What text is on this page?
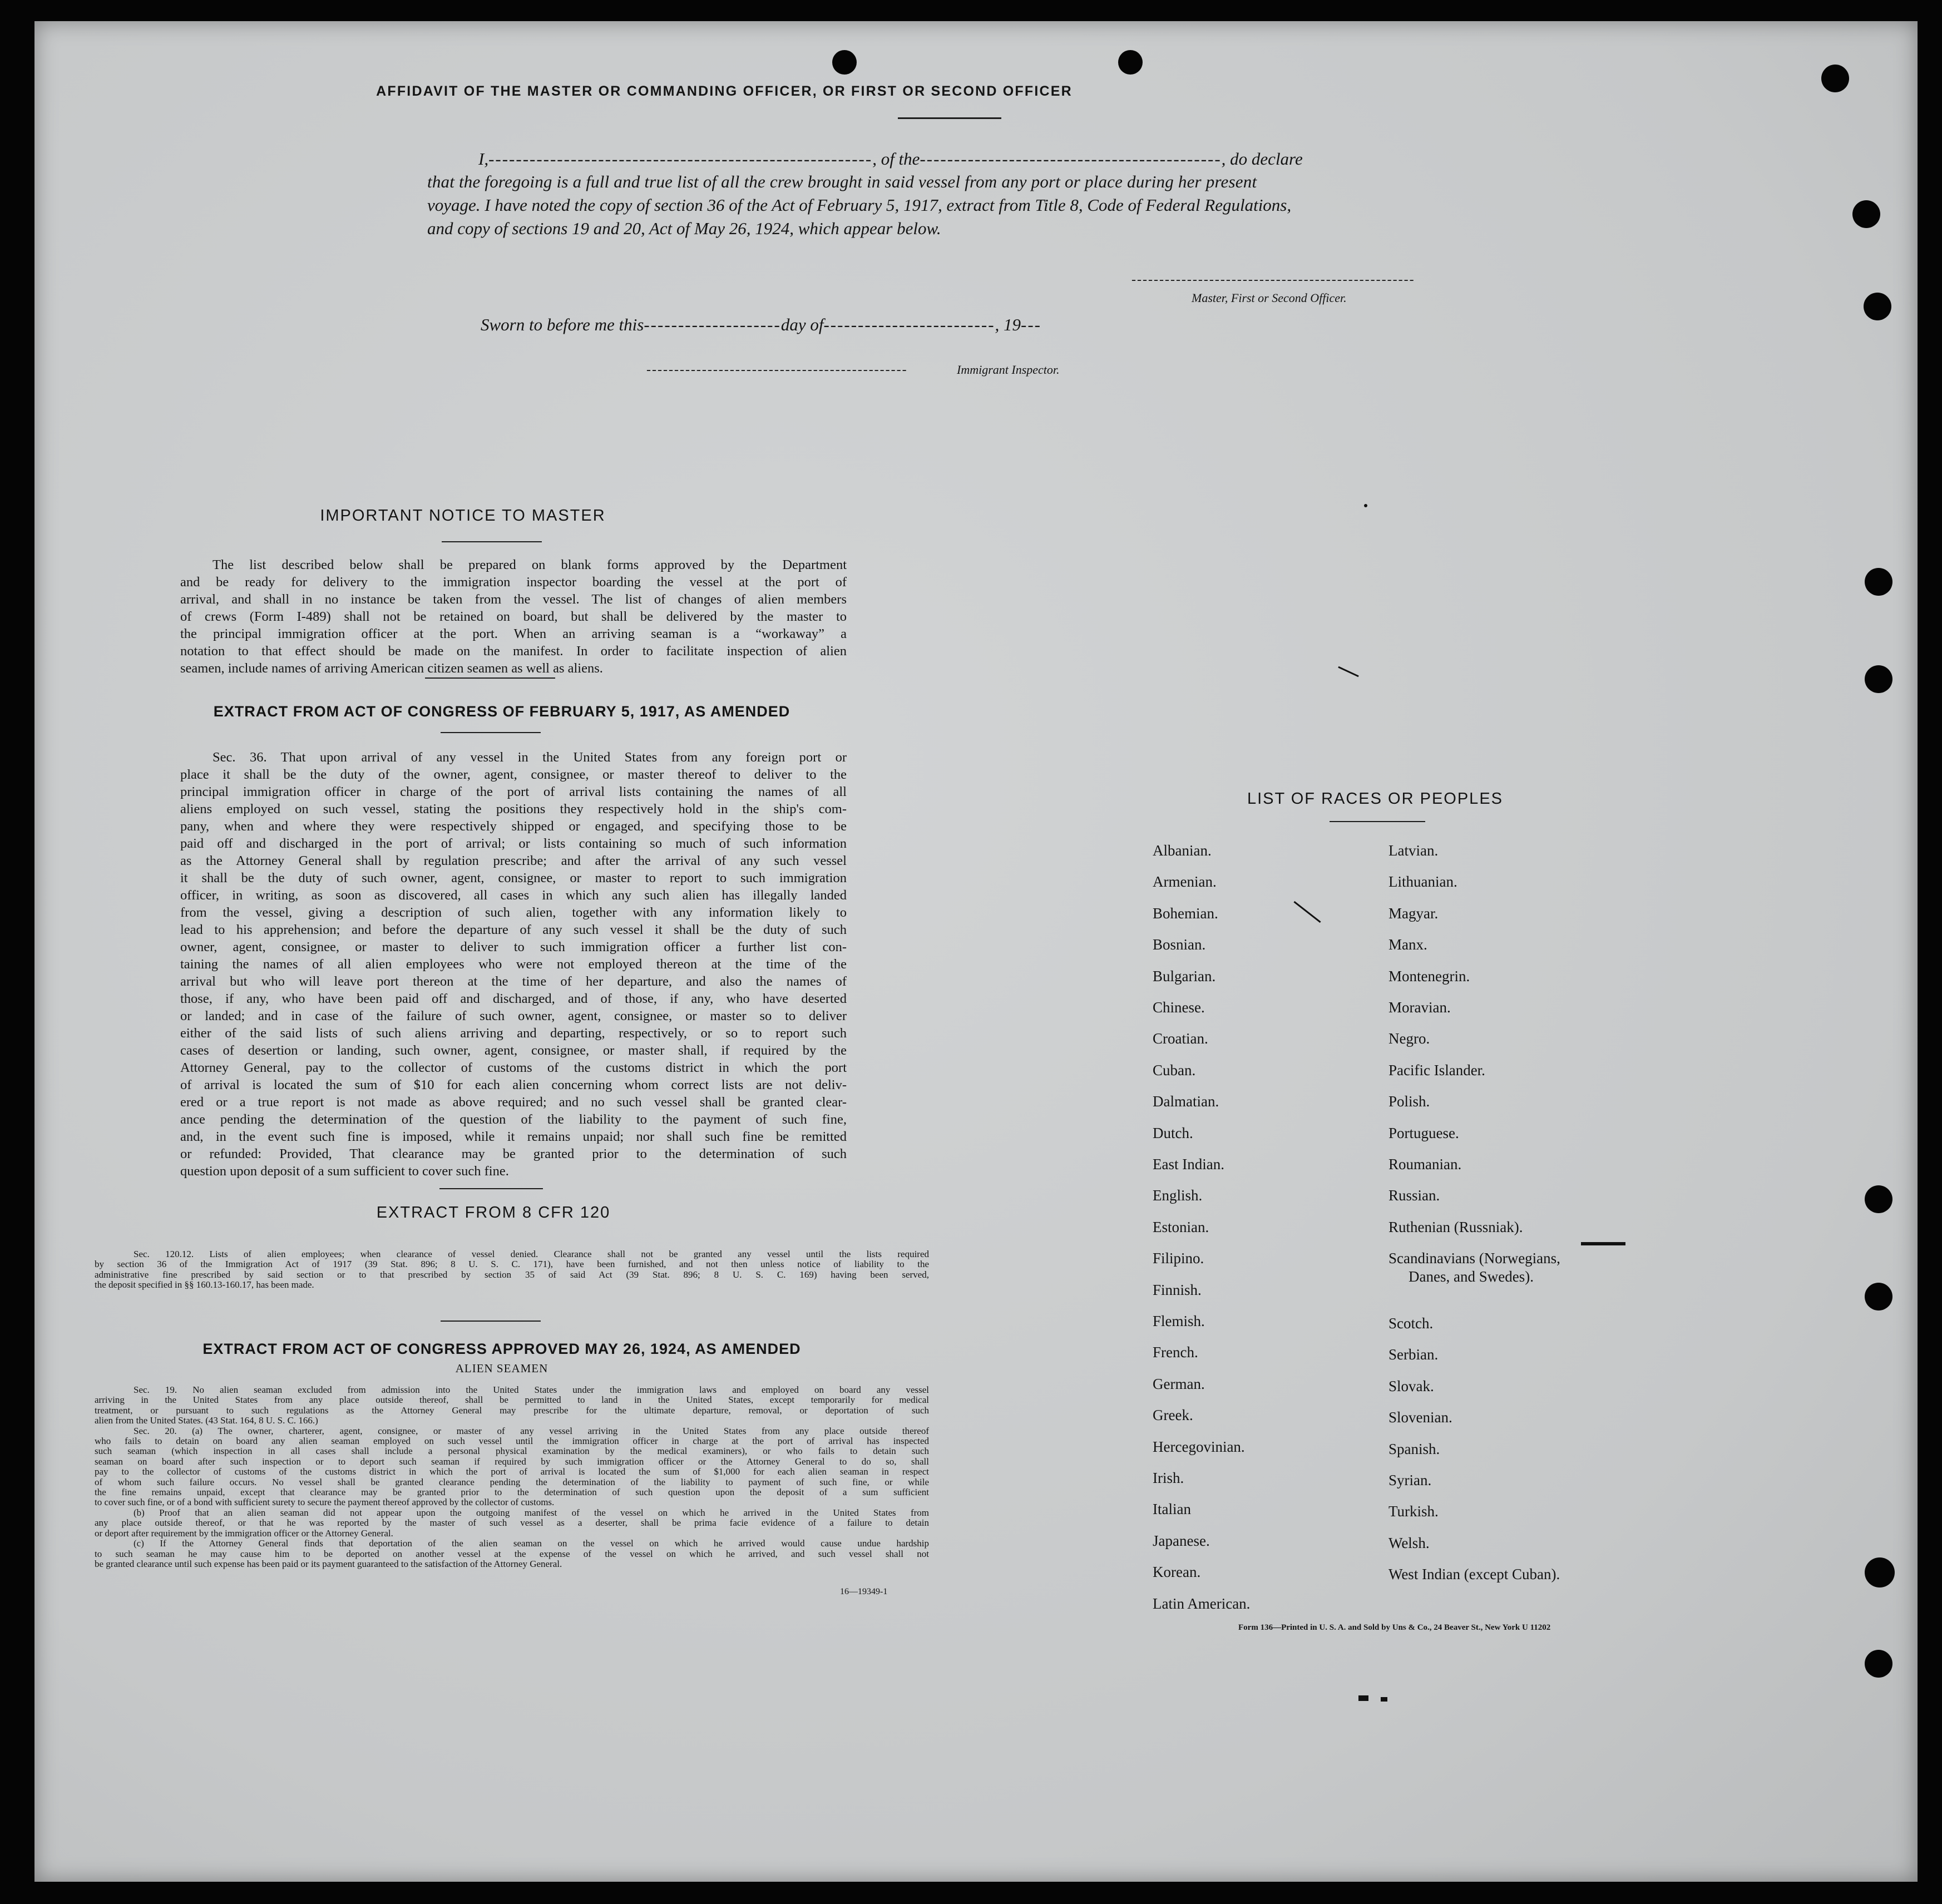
AFFIDAVIT OF THE MASTER OR COMMANDING OFFICER, OR FIRST OR SECOND OFFICER
I,--------------------------------------------------------, of the--------------------------------------------, do declare
that the foregoing is a full and true list of all the crew brought in said vessel from any port or place during her present
voyage. I have noted the copy of section 36 of the Act of February 5, 1917, extract from Title 8, Code of Federal Regulations,
and copy of sections 19 and 20, Act of May 26, 1924, which appear below.
---------------------------------------------------
Master, First or Second Officer.
Sworn to before me this--------------------day of-------------------------, 19---
-----------------------------------------------	Immigrant Inspector.
IMPORTANT NOTICE TO MASTER
The list described below shall be prepared on blank forms approved by the Department
and be ready for delivery to the immigration inspector boarding the vessel at the port of
arrival, and shall in no instance be taken from the vessel. The list of changes of alien members
of crews (Form I-489) shall not be retained on board, but shall be delivered by the master to
the principal immigration officer at the port. When an arriving seaman is a “workaway” a
notation to that effect should be made on the manifest. In order to facilitate inspection of alien
seamen, include names of arriving American citizen seamen as well as aliens.
EXTRACT FROM ACT OF CONGRESS OF FEBRUARY 5, 1917, AS AMENDED
Sec. 36. That upon arrival of any vessel in the United States from any foreign port or
place it shall be the duty of the owner, agent, consignee, or master thereof to deliver to the
principal immigration officer in charge of the port of arrival lists containing the names of all
aliens employed on such vessel, stating the positions they respectively hold in the ship's com-
pany, when and where they were respectively shipped or engaged, and specifying those to be
paid off and discharged in the port of arrival; or lists containing so much of such information
as the Attorney General shall by regulation prescribe; and after the arrival of any such vessel
it shall be the duty of such owner, agent, consignee, or master to report to such immigration
officer, in writing, as soon as discovered, all cases in which any such alien has illegally landed
from the vessel, giving a description of such alien, together with any information likely to
lead to his apprehension; and before the departure of any such vessel it shall be the duty of such
owner, agent, consignee, or master to deliver to such immigration officer a further list con-
taining the names of all alien employees who were not employed thereon at the time of the
arrival but who will leave port thereon at the time of her departure, and also the names of
those, if any, who have been paid off and discharged, and of those, if any, who have deserted
or landed; and in case of the failure of such owner, agent, consignee, or master so to deliver
either of the said lists of such aliens arriving and departing, respectively, or so to report such
cases of desertion or landing, such owner, agent, consignee, or master shall, if required by the
Attorney General, pay to the collector of customs of the customs district in which the port
of arrival is located the sum of $10 for each alien concerning whom correct lists are not deliv-
ered or a true report is not made as above required; and no such vessel shall be granted clear-
ance pending the determination of the question of the liability to the payment of such fine,
and, in the event such fine is imposed, while it remains unpaid; nor shall such fine be remitted
or refunded: Provided, That clearance may be granted prior to the determination of such
question upon deposit of a sum sufficient to cover such fine.
EXTRACT FROM 8 CFR 120
Sec. 120.12. Lists of alien employees; when clearance of vessel denied. Clearance shall not be granted any vessel until the lists required
by section 36 of the Immigration Act of 1917 (39 Stat. 896; 8 U. S. C. 171), have been furnished, and not then unless notice of liability to the
administrative fine prescribed by said section or to that prescribed by section 35 of said Act (39 Stat. 896; 8 U. S. C. 169) having been served,
the deposit specified in §§ 160.13-160.17, has been made.
EXTRACT FROM ACT OF CONGRESS APPROVED MAY 26, 1924, AS AMENDED
ALIEN SEAMEN
Sec. 19. No alien seaman excluded from admission into the United States under the immigration laws and employed on board any vessel
arriving in the United States from any place outside thereof, shall be permitted to land in the United States, except temporarily for medical
treatment, or pursuant to such regulations as the Attorney General may prescribe for the ultimate departure, removal, or deportation of such
alien from the United States. (43 Stat. 164, 8 U. S. C. 166.)
Sec. 20. (a) The owner, charterer, agent, consignee, or master of any vessel arriving in the United States from any place outside thereof
who fails to detain on board any alien seaman employed on such vessel until the immigration officer in charge at the port of arrival has inspected
such seaman (which inspection in all cases shall include a personal physical examination by the medical examiners), or who fails to detain such
seaman on board after such inspection or to deport such seaman if required by such immigration officer or the Attorney General to do so, shall
pay to the collector of customs of the customs district in which the port of arrival is located the sum of $1,000 for each alien seaman in respect
of whom such failure occurs. No vessel shall be granted clearance pending the determination of the liability to payment of such fine, or while
the fine remains unpaid, except that clearance may be granted prior to the determination of such question upon the deposit of a sum sufficient
to cover such fine, or of a bond with sufficient surety to secure the payment thereof approved by the collector of customs.
(b) Proof that an alien seaman did not appear upon the outgoing manifest of the vessel on which he arrived in the United States from
any place outside thereof, or that he was reported by the master of such vessel as a deserter, shall be prima facie evidence of a failure to detain
or deport after requirement by the immigration officer or the Attorney General.
(c) If the Attorney General finds that deportation of the alien seaman on the vessel on which he arrived would cause undue hardship
to such seaman he may cause him to be deported on another vessel at the expense of the vessel on which he arrived, and such vessel shall not
be granted clearance until such expense has been paid or its payment guaranteed to the satisfaction of the Attorney General.
16—19349-1
LIST OF RACES OR PEOPLES
Albanian.
Armenian.
Bohemian.
Bosnian.
Bulgarian.
Chinese.
Croatian.
Cuban.
Dalmatian.
Dutch.
East Indian.
English.
Estonian.
Filipino.
Finnish.
Flemish.
French.
German.
Greek.
Hercegovinian.
Irish.
Italian
Japanese.
Korean.
Latin American.
Latvian.
Lithuanian.
Magyar.
Manx.
Montenegrin.
Moravian.
Negro.
Pacific Islander.
Polish.
Portuguese.
Roumanian.
Russian.
Ruthenian (Russniak).
Scandinavians (Norwegians,
Danes, and Swedes).
Scotch.
Serbian.
Slovak.
Slovenian.
Spanish.
Syrian.
Turkish.
Welsh.
West Indian (except Cuban).
Form 136—Printed in U. S. A. and Sold by Uns & Co., 24 Beaver St., New York U 11202
